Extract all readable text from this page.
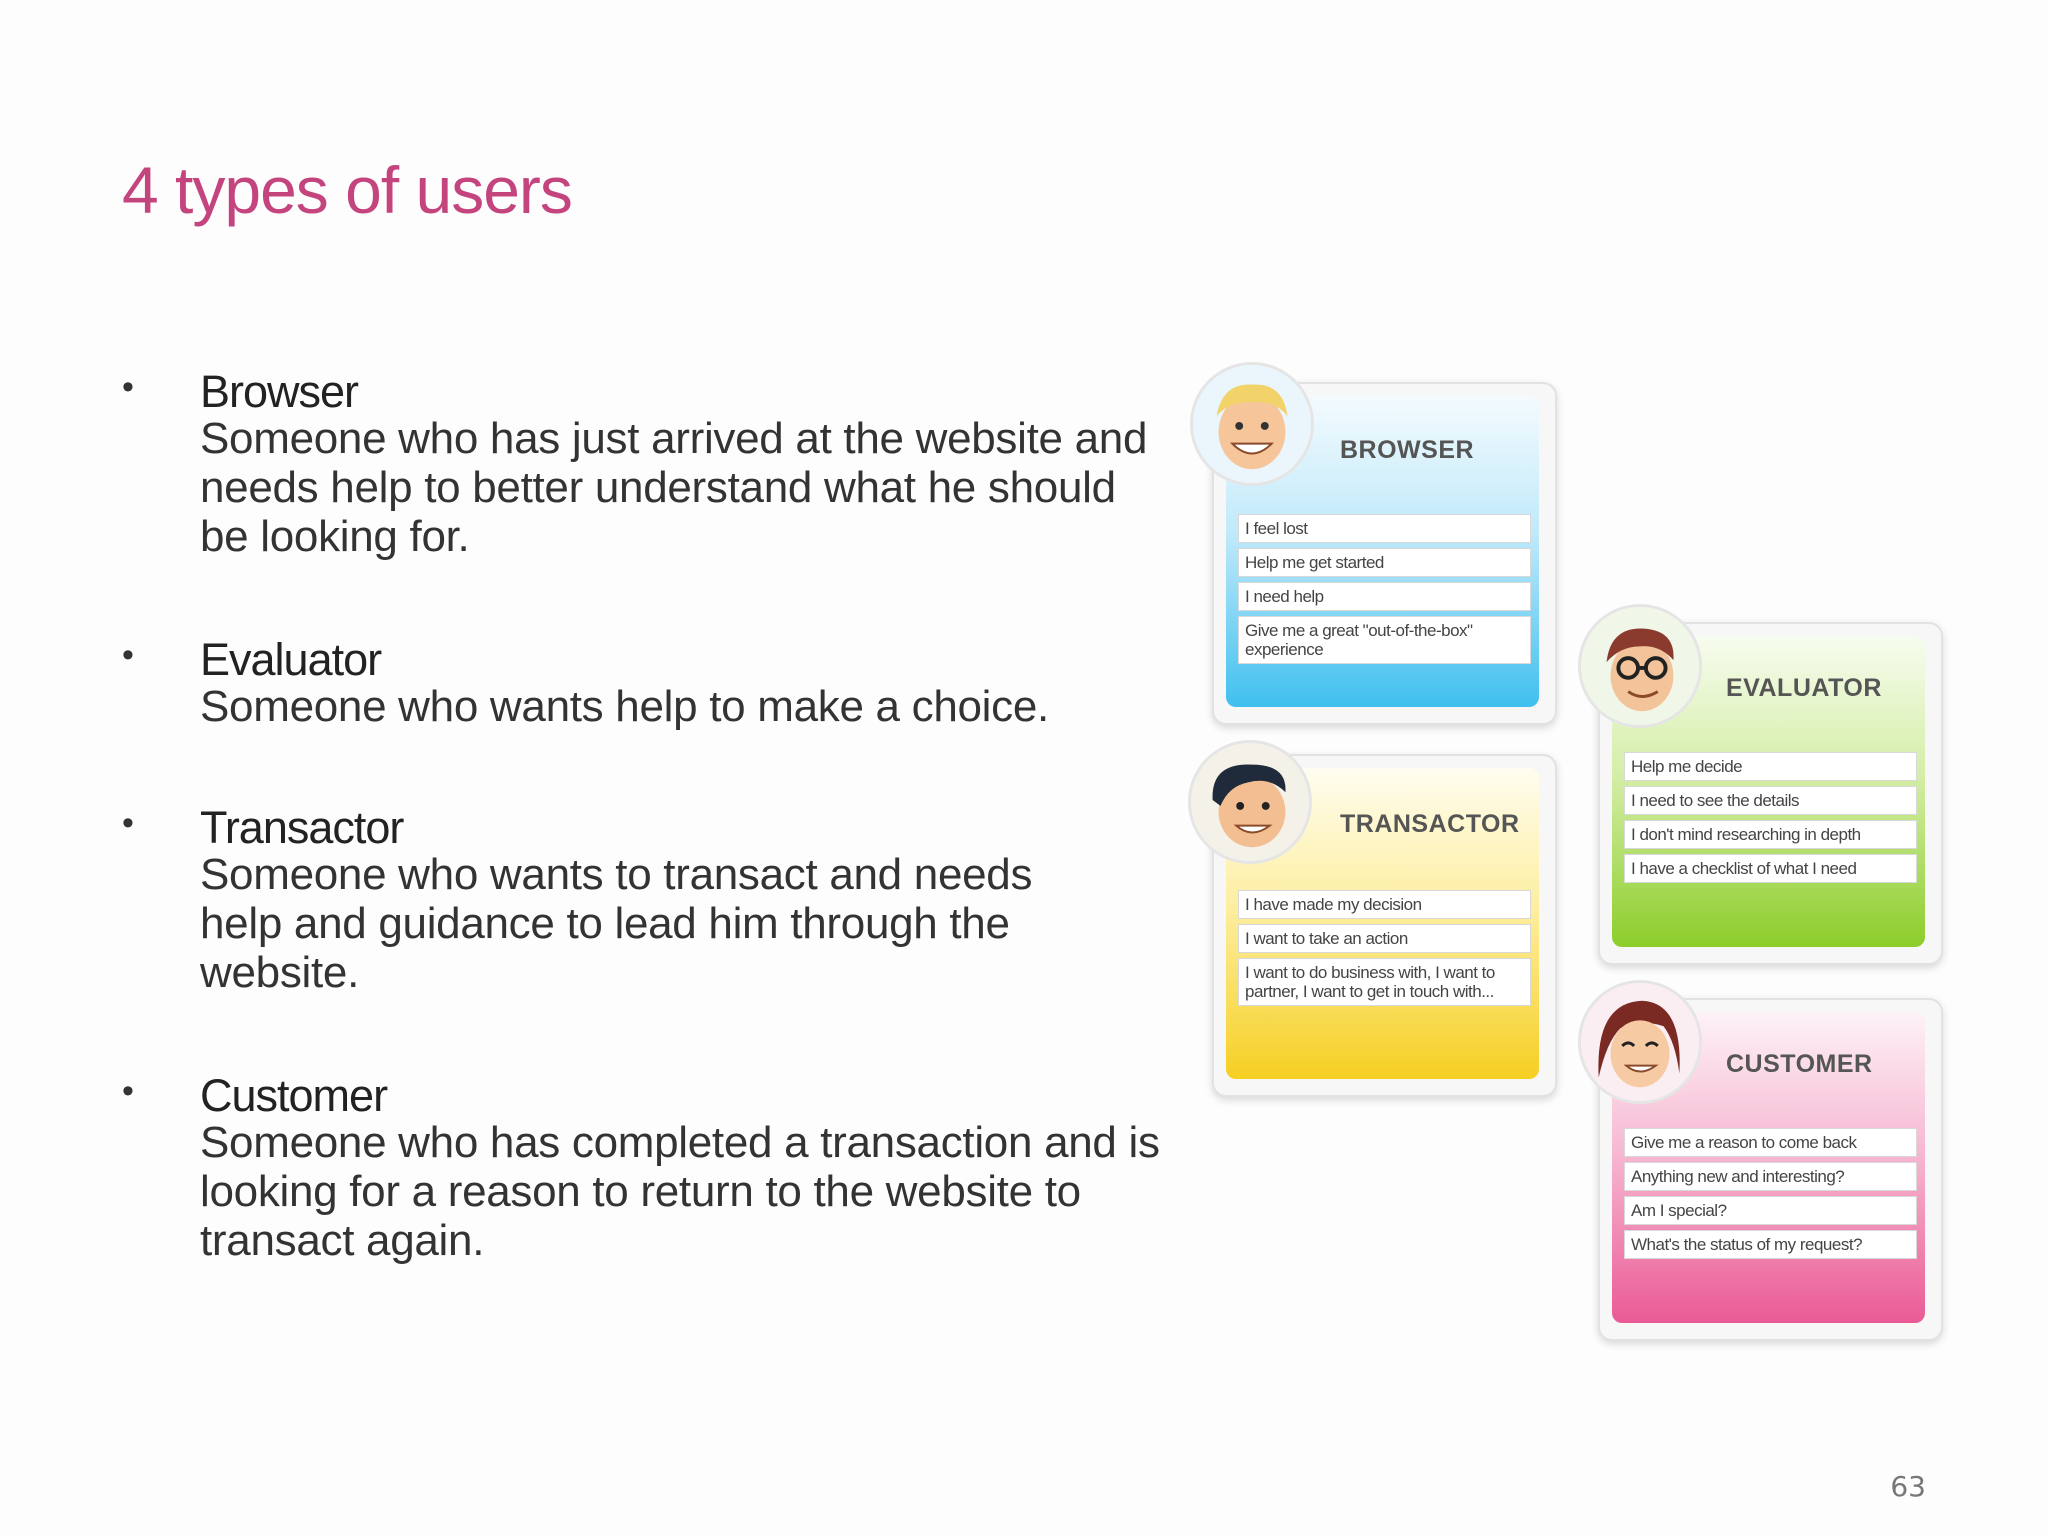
4 types of users
• Browser
Someone who has just arrived at the website and needs help to better understand what he should be looking for.
• Evaluator
Someone who wants help to make a choice.
• Transactor
Someone who wants to transact and needs help and guidance to lead him through the website.
• Customer
Someone who has completed a transaction and is looking for a reason to return to the website to transact again.
BROWSER
I feel lost
Help me get started
I need help
Give me a great "out-of-the-box" experience
TRANSACTOR
I have made my decision
I want to take an action
I want to do business with, I want to partner, I want to get in touch with...
EVALUATOR
Help me decide
I need to see the details
I don't mind researching in depth
I have a checklist of what I need
CUSTOMER
Give me a reason to come back
Anything new and interesting?
Am I special?
What's the status of my request?
63
